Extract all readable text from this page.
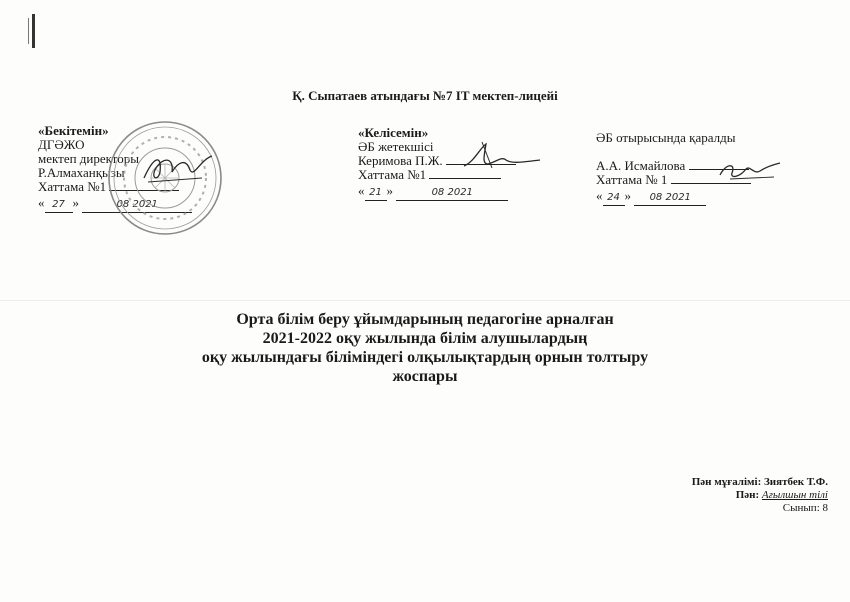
Қ. Сыпатаев атындағы №7 IT мектеп-лицейі
«Бекітемін»
ДГӘЖО
мектеп директоры
Р.Алмаханқызы
Хаттама №1
« 27 »	08 2021
«Келісемін»
ӘБ жетекшісі
Керимова П.Ж.
Хаттама №1
« 21 »	08 2021
ӘБ отырысында қаралды
А.А. Исмайлова
Хаттама № 1
« 24 » 08 2021
Орта білім беру ұйымдарының педагогіне арналған
2021-2022 оқу жылында білім алушылардың
оқу жылындағы біліміндегі олқылықтардың орнын толтыру
жоспары
Пән мұғалімі: Зиятбек Т.Ф.
Пән: Ағылшын тілі
Сынып: 8
